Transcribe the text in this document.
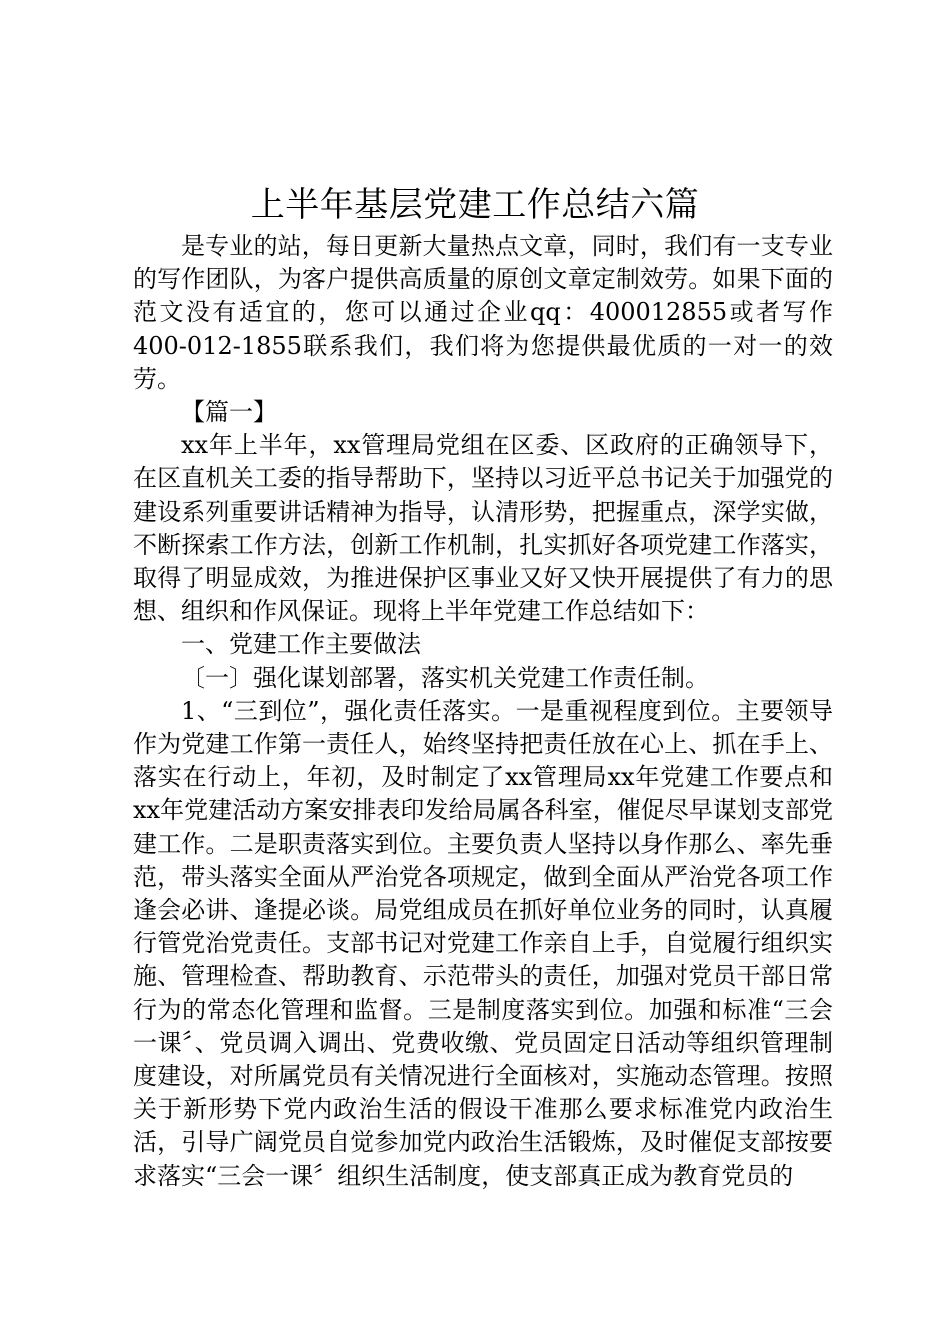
上半年基层党建工作总结六篇

是专业的站，每日更新大量热点文章，同时，我们有一支专业的写作团队，为客户提供高质量的原创文章定制效劳。如果下面的范文没有适宜的，您可以通过企业qq：400012855或者写作　 400-012-1855联系我们，我们将为您提供最优质的一对一的效劳。

【篇一】

xx年上半年，xx管理局党组在区委、区政府的正确领导下，在区直机关工委的指导帮助下，坚持以习近平总书记关于加强党的建设系列重要讲话精神为指导，认清形势，把握重点，深学实做，不断探索工作方法，创新工作机制，扎实抓好各项党建工作落实，取得了明显成效，为推进保护区事业又好又快开展提供了有力的思想、组织和作风保证。现将上半年党建工作总结如下：

一、党建工作主要做法

〔一〕强化谋划部署，落实机关党建工作责任制。

1、“三到位”，强化责任落实。一是重视程度到位。主要领导作为党建工作第一责任人，始终坚持把责任放在心上、抓在手上、落实在行动上，年初，及时制定了xx管理局xx年党建工作要点和xx年党建活动方案安排表印发给局属各科室，催促尽早谋划支部党建工作。二是职责落实到位。主要负责人坚持以身作那么、率先垂范，带头落实全面从严治党各项规定，做到全面从严治党各项工作逢会必讲、逢提必谈。局党组成员在抓好单位业务的同时，认真履行管党治党责任。支部书记对党建工作亲自上手，自觉履行组织实施、管理检查、帮助教育、示范带头的责任，加强对党员干部日常行为的常态化管理和监督。三是制度落实到位。加强和标准“三会一课〞、党员调入调出、党费收缴、党员固定日活动等组织管理制度建设，对所属党员有关情况进行全面核对，实施动态管理。按照关于新形势下党内政治生活的假设干准那么要求标准党内政治生活，引导广阔党员自觉参加党内政治生活锻炼，及时催促支部按要求落实“三会一课〞组织生活制度，使支部真正成为教育党员的
